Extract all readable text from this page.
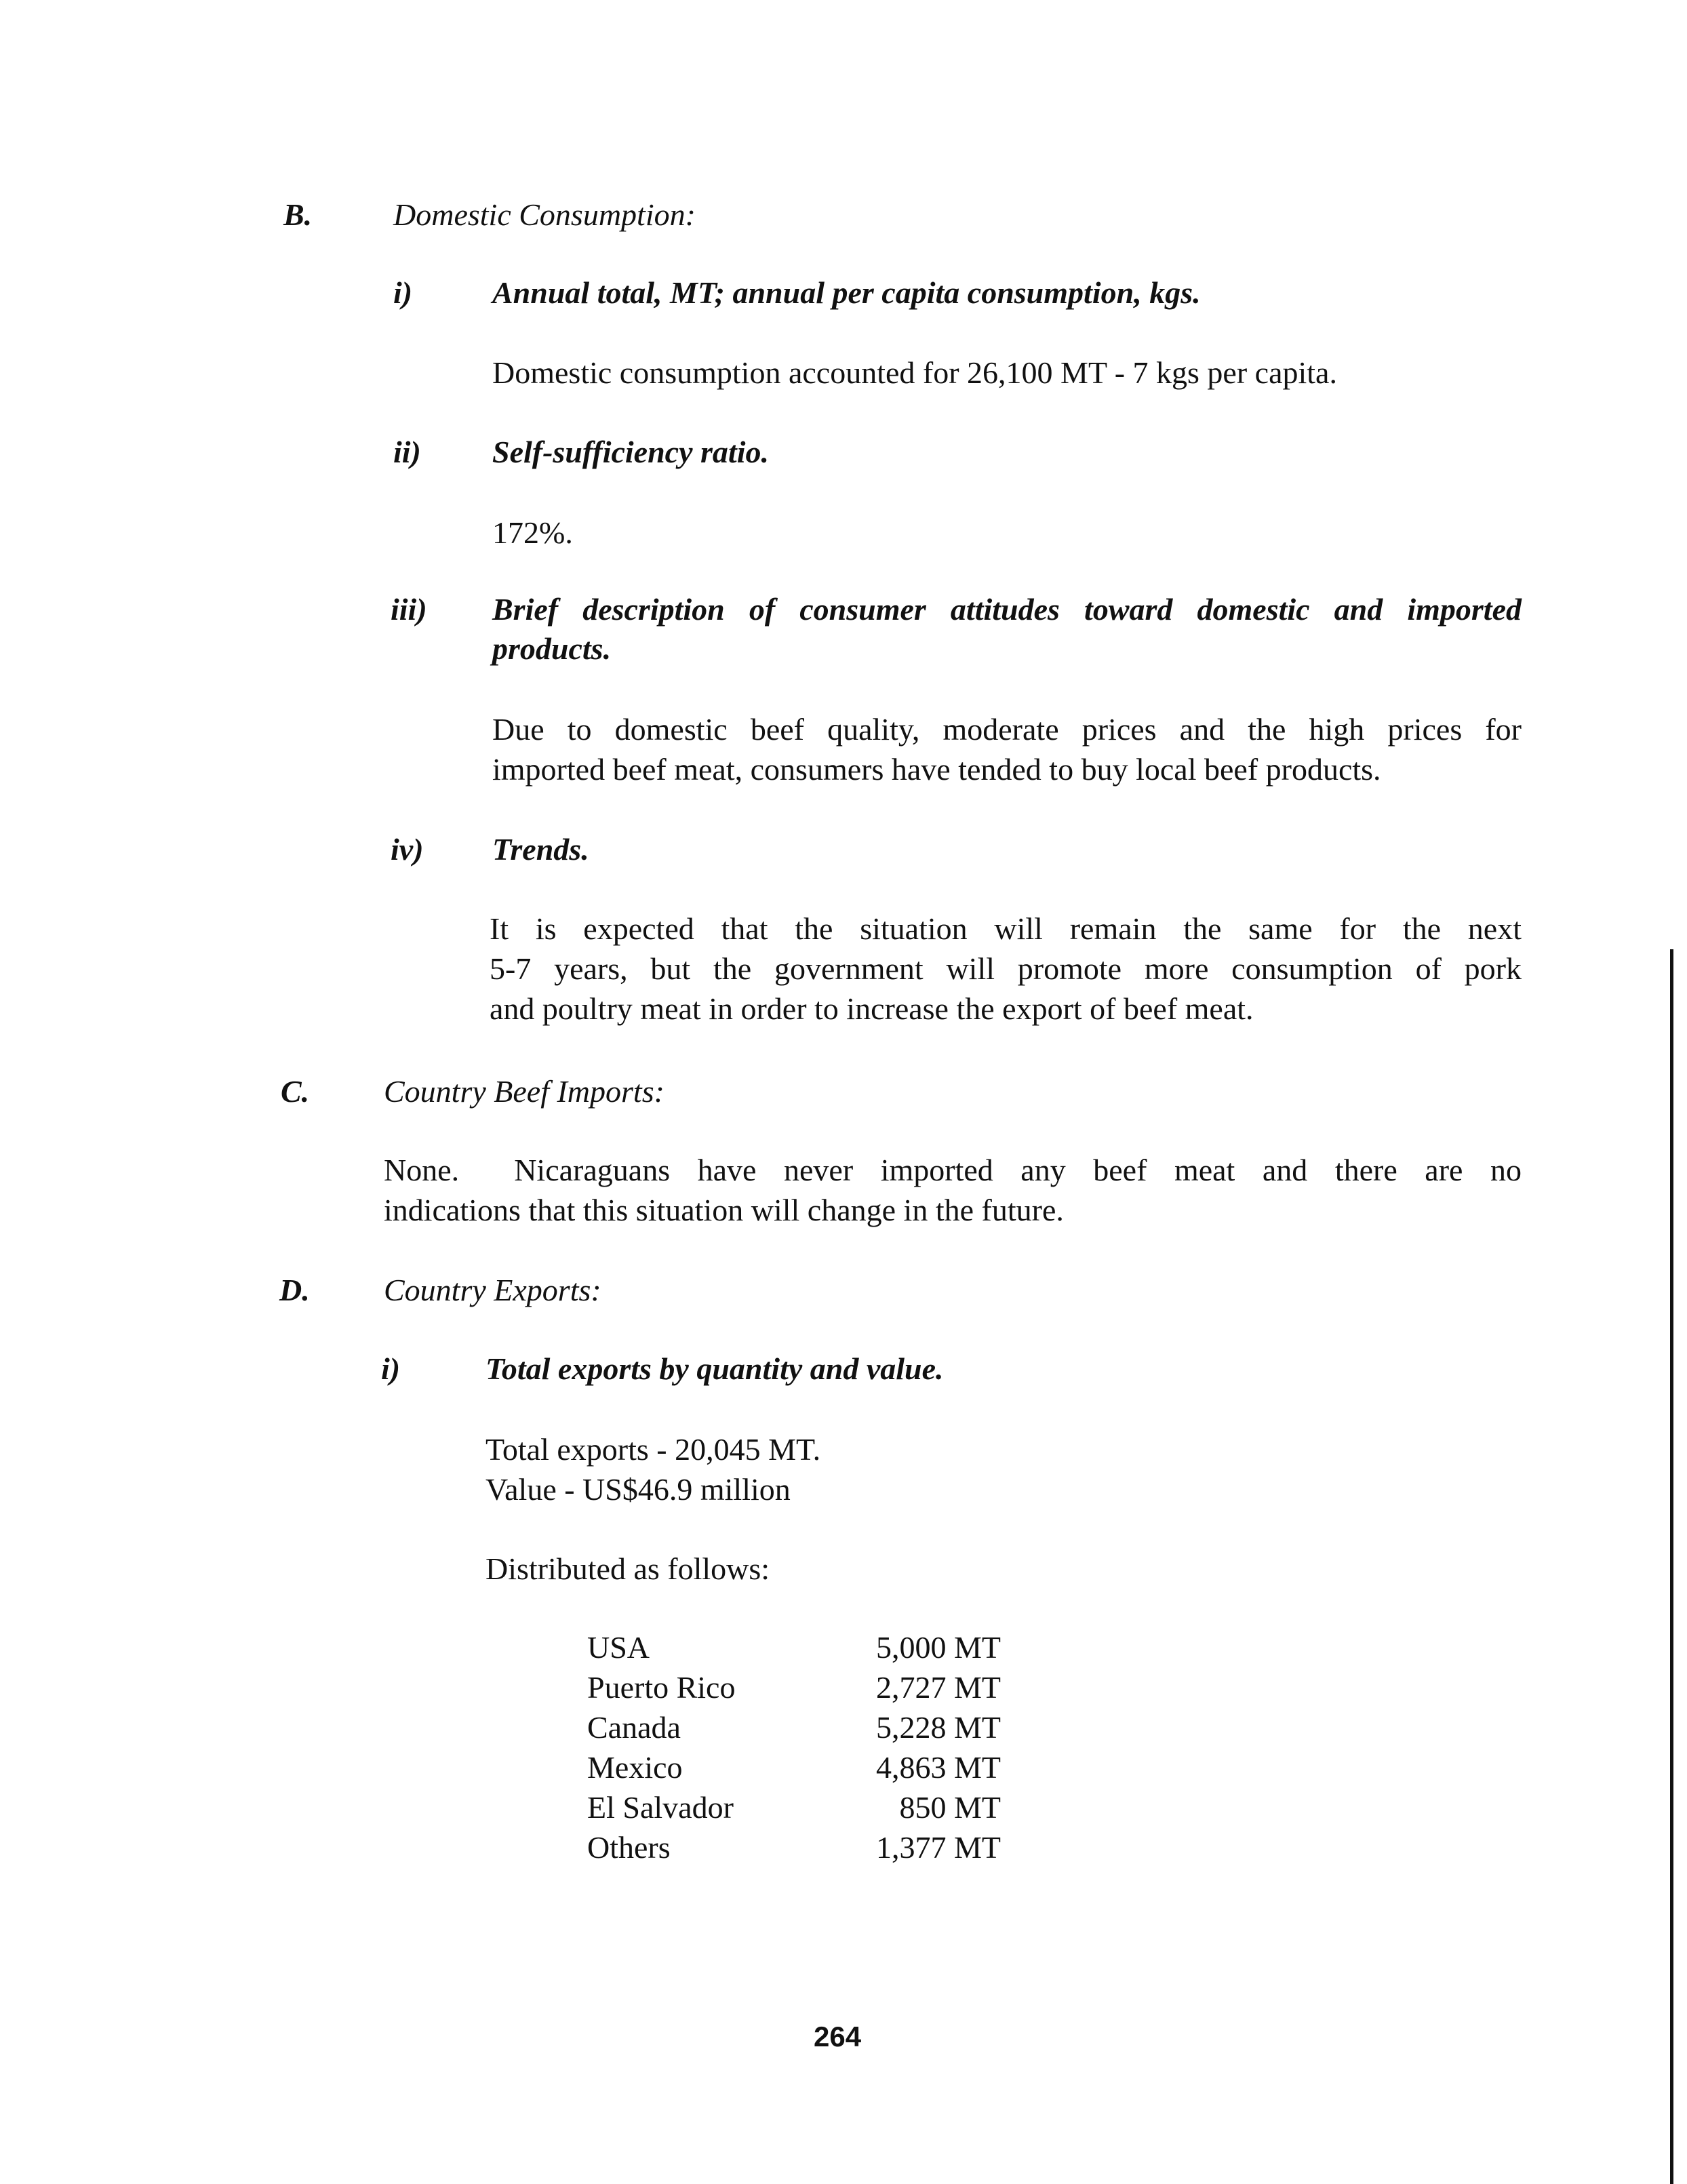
B.	Domestic Consumption:
i)	Annual total, MT; annual per capita consumption, kgs.
Domestic consumption accounted for 26,100 MT - 7 kgs per capita.
ii) Self-sufficiency ratio.
172%.
iii) Brief description of consumer attitudes toward domestic and imported
products.
Due to domestic beef quality, moderate prices and the high prices for
imported beef meat, consumers have tended to buy local beef products.
iv) Trends.
It is expected that the situation will remain the same for the next
5-7 years, but the government will promote more consumption of pork
and poultry meat in order to increase the export of beef meat.
C. Country Beef Imports:
None.  Nicaraguans have never imported any beef meat and there are no
indications that this situation will change in the future.
D. Country Exports:
i)	Total exports by quantity and value.
Total exports - 20,045 MT.
Value - US$46.9 million
Distributed as follows:
USA	5,000 MT
Puerto Rico	2,727 MT
Canada	5,228 MT
Mexico	4,863 MT
El Salvador	850 MT
Others	1,377 MT
264
